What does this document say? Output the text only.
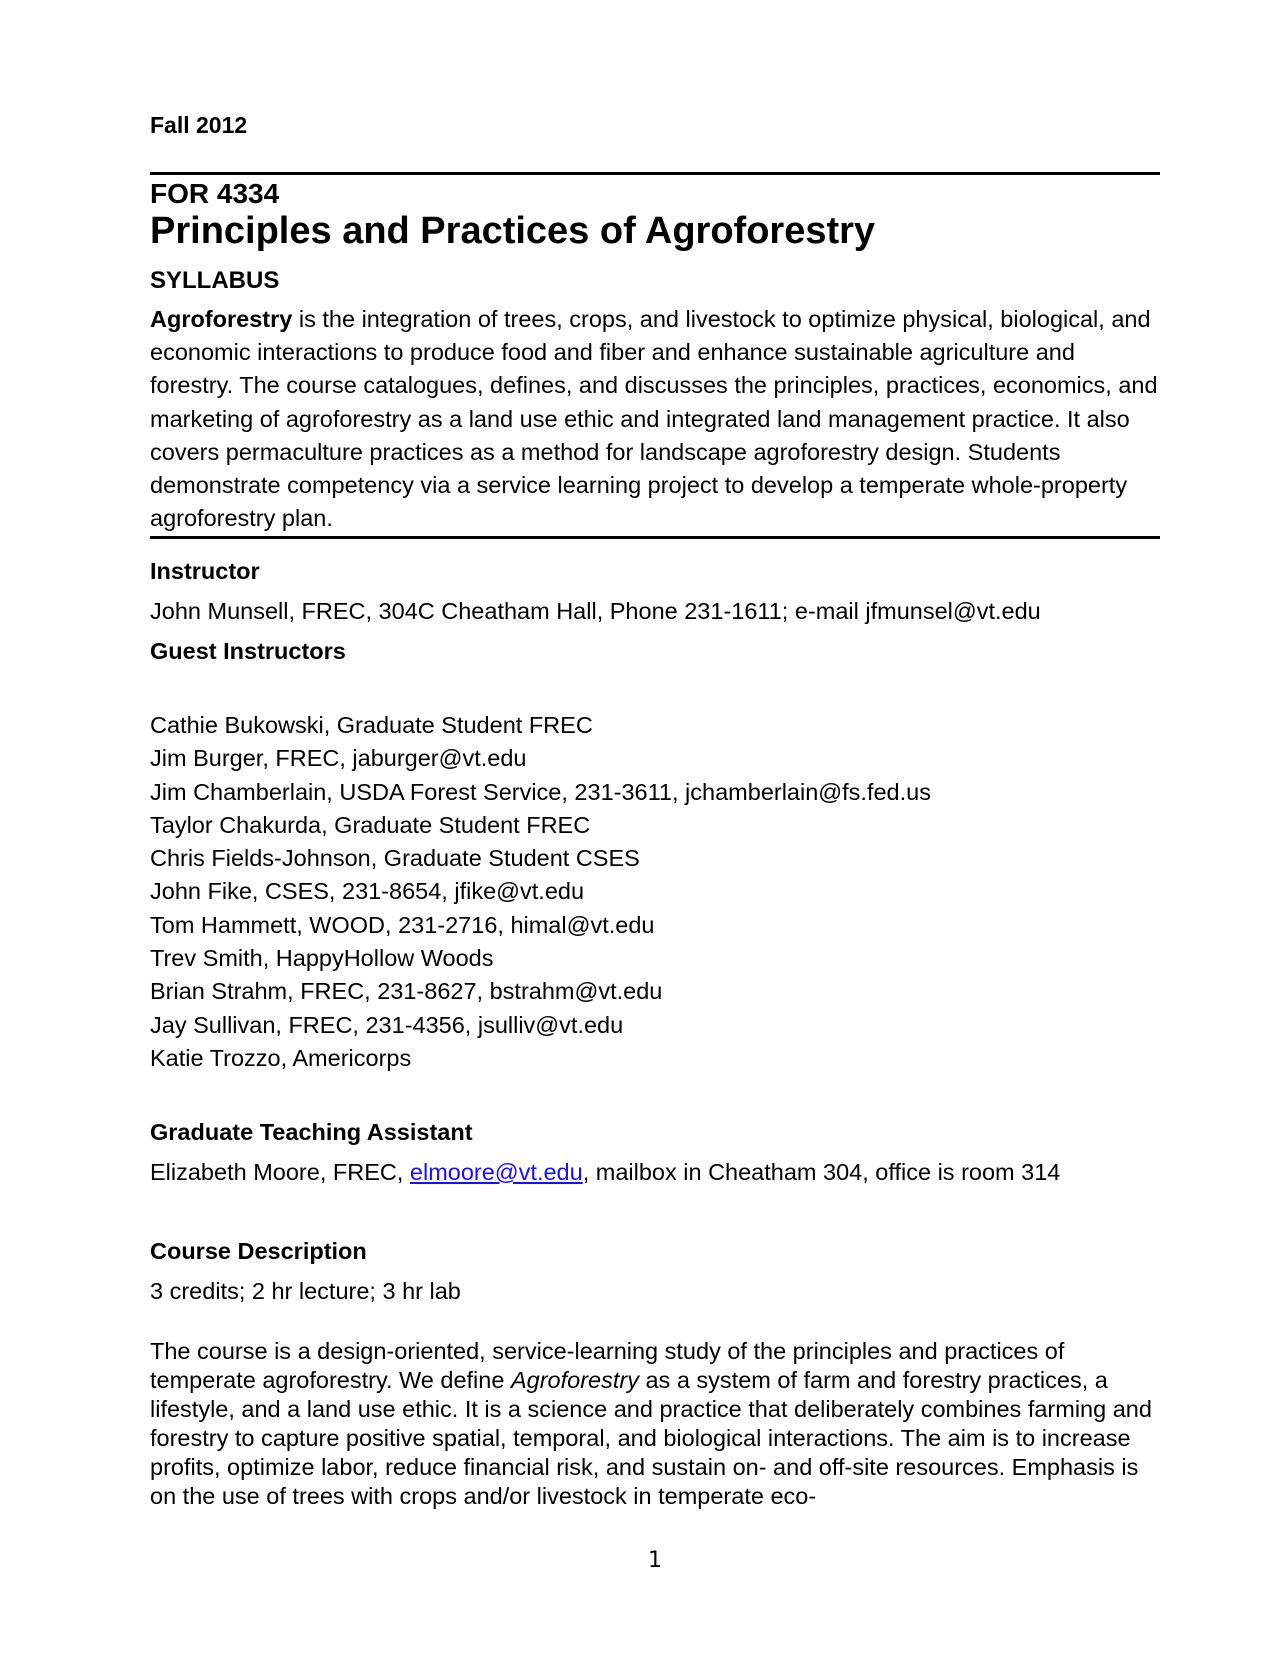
Fall 2012
FOR 4334
Principles and Practices of Agroforestry
SYLLABUS
Agroforestry is the integration of trees, crops, and livestock to optimize physical, biological, and economic interactions to produce food and fiber and enhance sustainable agriculture and forestry. The course catalogues, defines, and discusses the principles, practices, economics, and marketing of agroforestry as a land use ethic and integrated land management practice. It also covers permaculture practices as a method for landscape agroforestry design. Students demonstrate competency via a service learning project to develop a temperate whole-property agroforestry plan.
Instructor
John Munsell, FREC, 304C Cheatham Hall, Phone 231-1611; e-mail jfmunsel@vt.edu
Guest Instructors
Cathie Bukowski, Graduate Student FREC
Jim Burger, FREC, jaburger@vt.edu
Jim Chamberlain, USDA Forest Service, 231-3611, jchamberlain@fs.fed.us
Taylor Chakurda, Graduate Student FREC
Chris Fields-Johnson, Graduate Student CSES
John Fike, CSES, 231-8654, jfike@vt.edu
Tom Hammett, WOOD, 231-2716, himal@vt.edu
Trev Smith, HappyHollow Woods
Brian Strahm, FREC, 231-8627, bstrahm@vt.edu
Jay Sullivan, FREC, 231-4356, jsulliv@vt.edu
Katie Trozzo, Americorps
Graduate Teaching Assistant
Elizabeth Moore, FREC, elmoore@vt.edu, mailbox in Cheatham 304, office is room 314
Course Description
3 credits; 2 hr lecture; 3 hr lab
The course is a design-oriented, service-learning study of the principles and practices of temperate agroforestry. We define Agroforestry as a system of farm and forestry practices, a lifestyle, and a land use ethic. It is a science and practice that deliberately combines farming and forestry to capture positive spatial, temporal, and biological interactions. The aim is to increase profits, optimize labor, reduce financial risk, and sustain on- and off-site resources. Emphasis is on the use of trees with crops and/or livestock in temperate eco-
1
